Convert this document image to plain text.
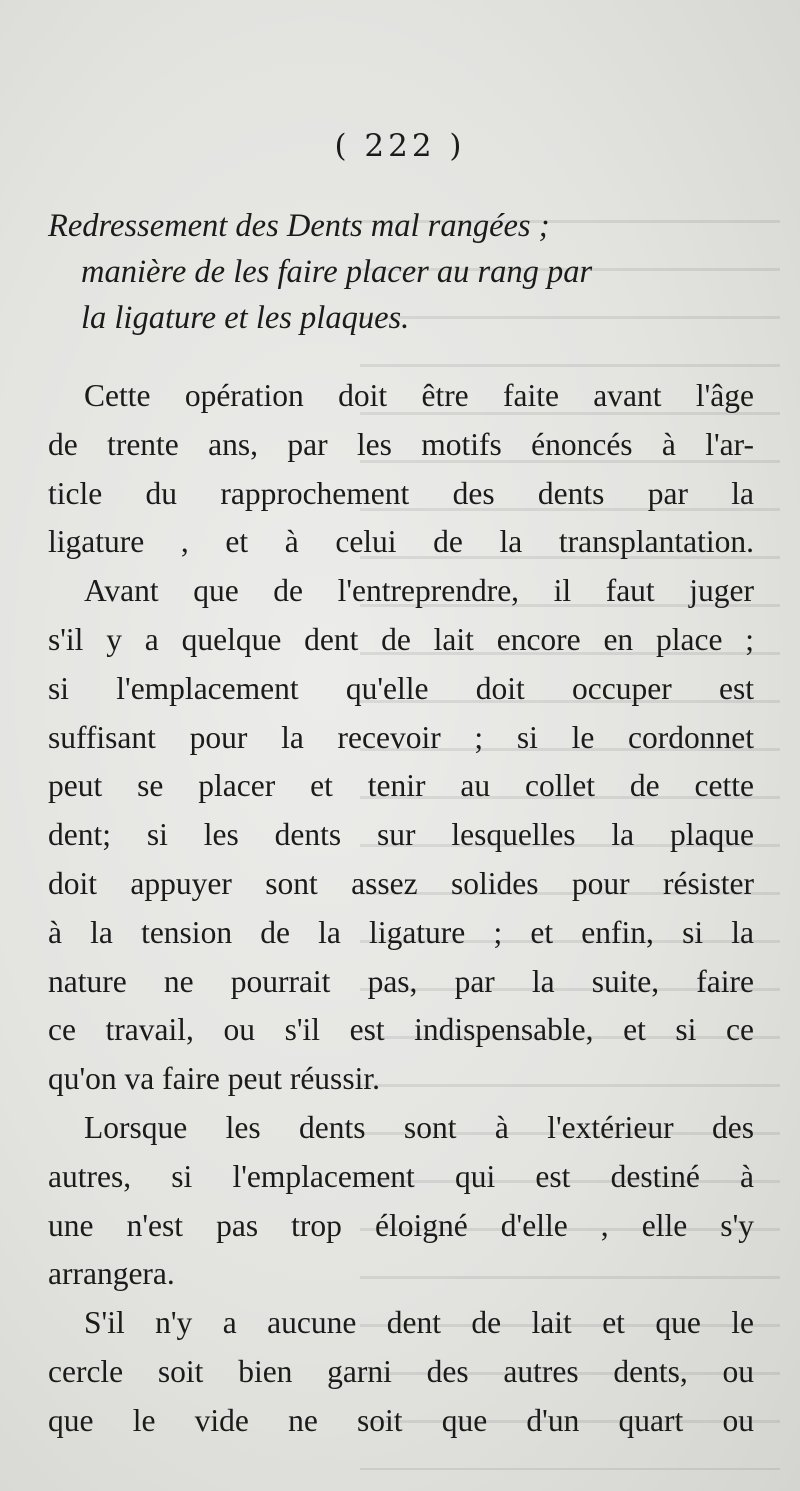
( 222 )
Redressement des Dents mal rangées ;
manière de les faire placer au rang par
la ligature et les plaques.
Cette opération doit être faite avant l'âge
de trente ans, par les motifs énoncés à l'ar-
ticle du rapprochement des dents par la
ligature , et à celui de la transplantation.
Avant que de l'entreprendre, il faut juger
s'il y a quelque dent de lait encore en place ;
si l'emplacement qu'elle doit occuper est
suffisant pour la recevoir ; si le cordonnet
peut se placer et tenir au collet de cette
dent; si les dents sur lesquelles la plaque
doit appuyer sont assez solides pour résister
à la tension de la ligature ; et enfin, si la
nature ne pourrait pas, par la suite, faire
ce travail, ou s'il est indispensable, et si ce
qu'on va faire peut réussir.
Lorsque les dents sont à l'extérieur des
autres, si l'emplacement qui est destiné à
une n'est pas trop éloigné d'elle , elle s'y
arrangera.
S'il n'y a aucune dent de lait et que le
cercle soit bien garni des autres dents, ou
que le vide ne soit que d'un quart ou
